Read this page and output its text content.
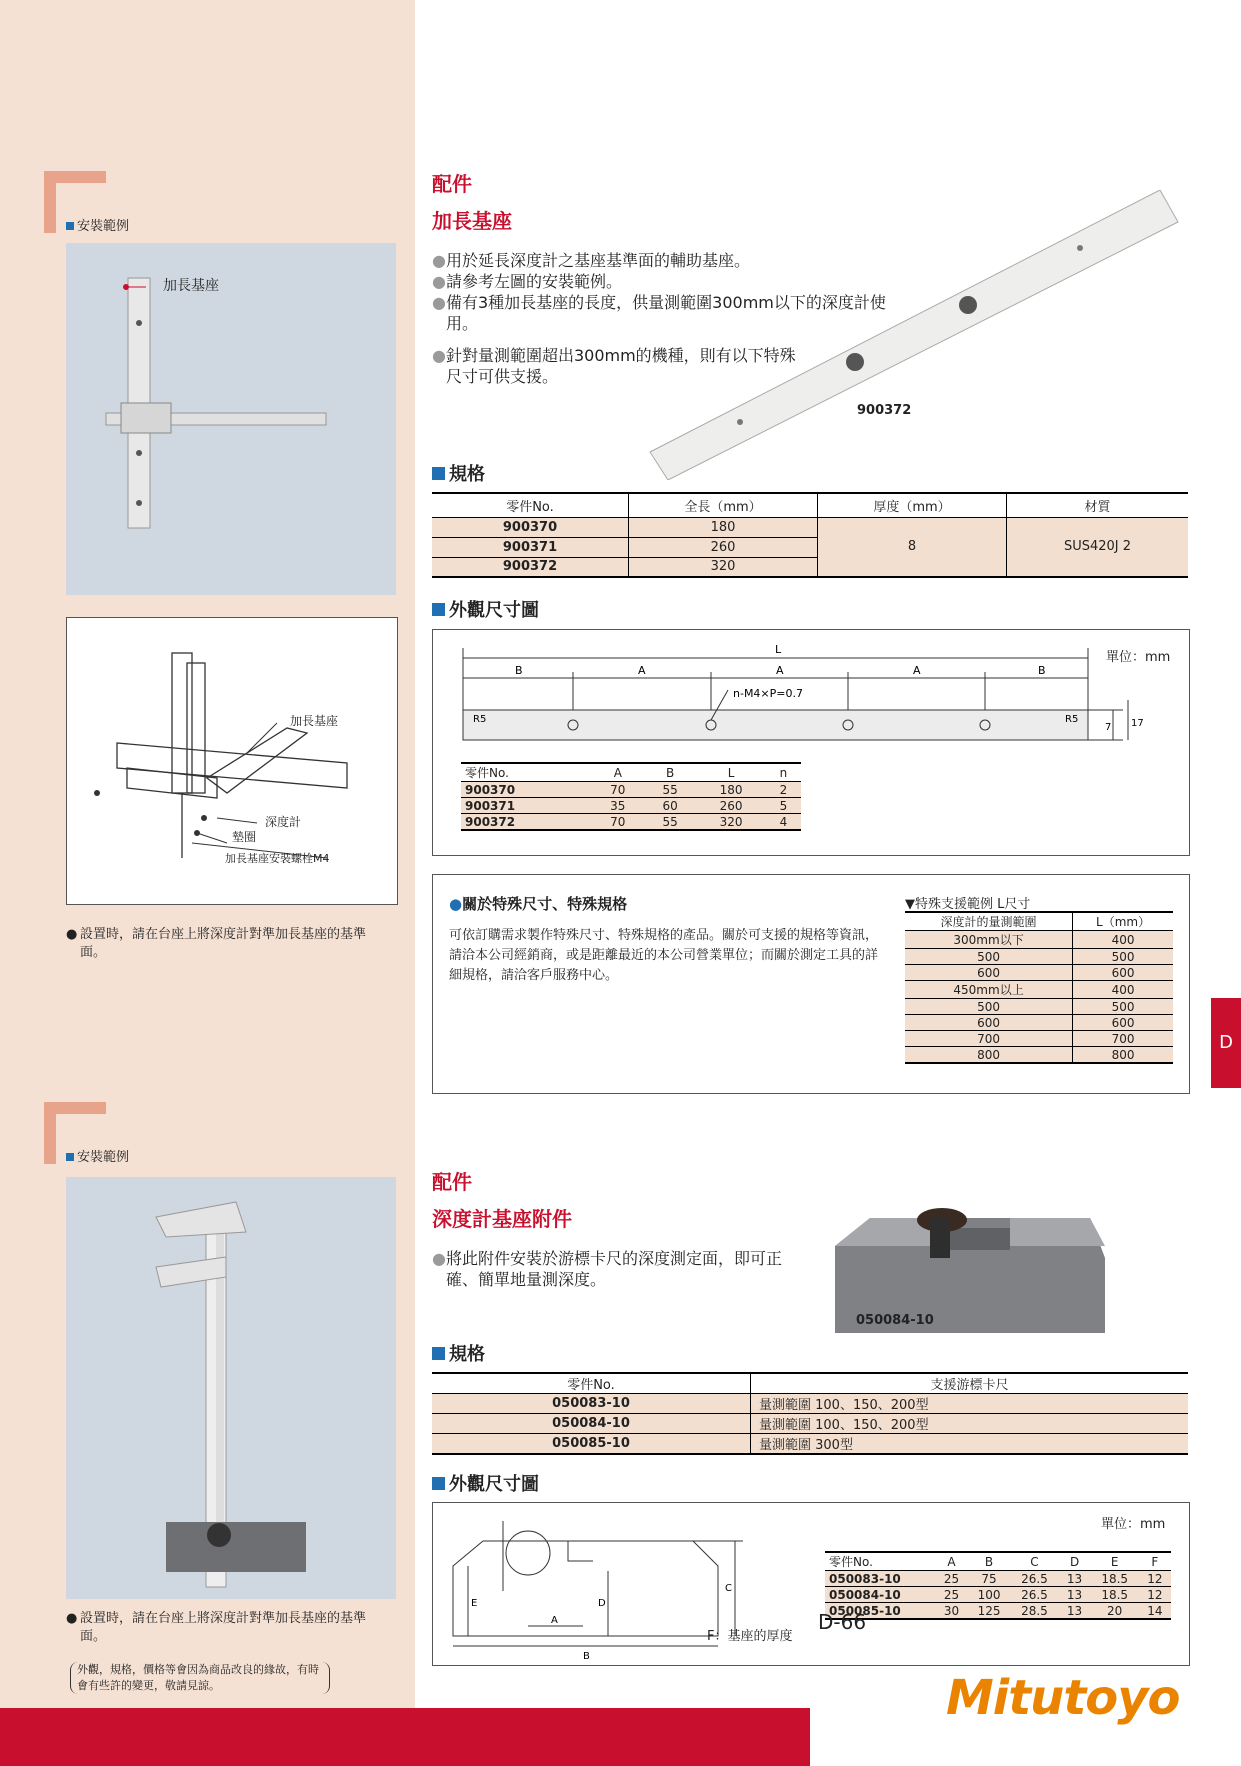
安裝範例
加長基座
加長基座
深度計
墊圈
加長基座安裝螺栓M4
● 設置時，請在台座上將深度計對準加長基座的基準面。
安裝範例
● 設置時，請在台座上將深度計對準加長基座的基準面。
外觀，規格，價格等會因為商品改良的緣故，有時會有些許的變更，敬請見諒。
配件
加長基座
● 用於延長深度計之基座基準面的輔助基座。
● 請參考左圖的安裝範例。
● 備有3種加長基座的長度，供量測範圍300mm以下的深度計使用。
● 針對量測範圍超出300mm的機種，則有以下特殊尺寸可供支援。
900372
規格
零件No.	全長（mm）	厚度（mm）	材質
900370	180	8	SUS420J 2
900371	260		
900372	320		
外觀尺寸圖
L
B	A	A	A	B
n-M4×P=0.7
R5	R5
7 17
單位：mm
零件No.	A	B	L	n
900370	70	55	180	2
900371	35	60	260	5
900372	70	55	320	4
●關於特殊尺寸、特殊規格
可依訂購需求製作特殊尺寸、特殊規格的產品。關於可支援的規格等資訊，請洽本公司經銷商，或是距離最近的本公司營業單位；而關於測定工具的詳細規格，請洽客戶服務中心。
▼特殊支援範例 L尺寸
深度計的量測範圍	L（mm）
300mm以下	400
500	500
600	600
450mm以上	400
500	500
600	600
700	700
800	800
D
配件
深度計基座附件
● 將此附件安裝於游標卡尺的深度測定面，即可正確、簡單地量測深度。
050084-10
規格
零件No.	支援游標卡尺
050083-10	量測範圍 100、150、200型
050084-10	量測範圍 100、150、200型
050085-10	量測範圍 300型
外觀尺寸圖
單位：mm
E	D
C
A
B
F：基座的厚度
零件No.	A	B	C	D	E	F
050083-10	25	75	26.5	13	18.5	12
050084-10	25	100	26.5	13	18.5	12
050085-10	30	125	28.5	13	20	14
D-66
Mitutoyo
